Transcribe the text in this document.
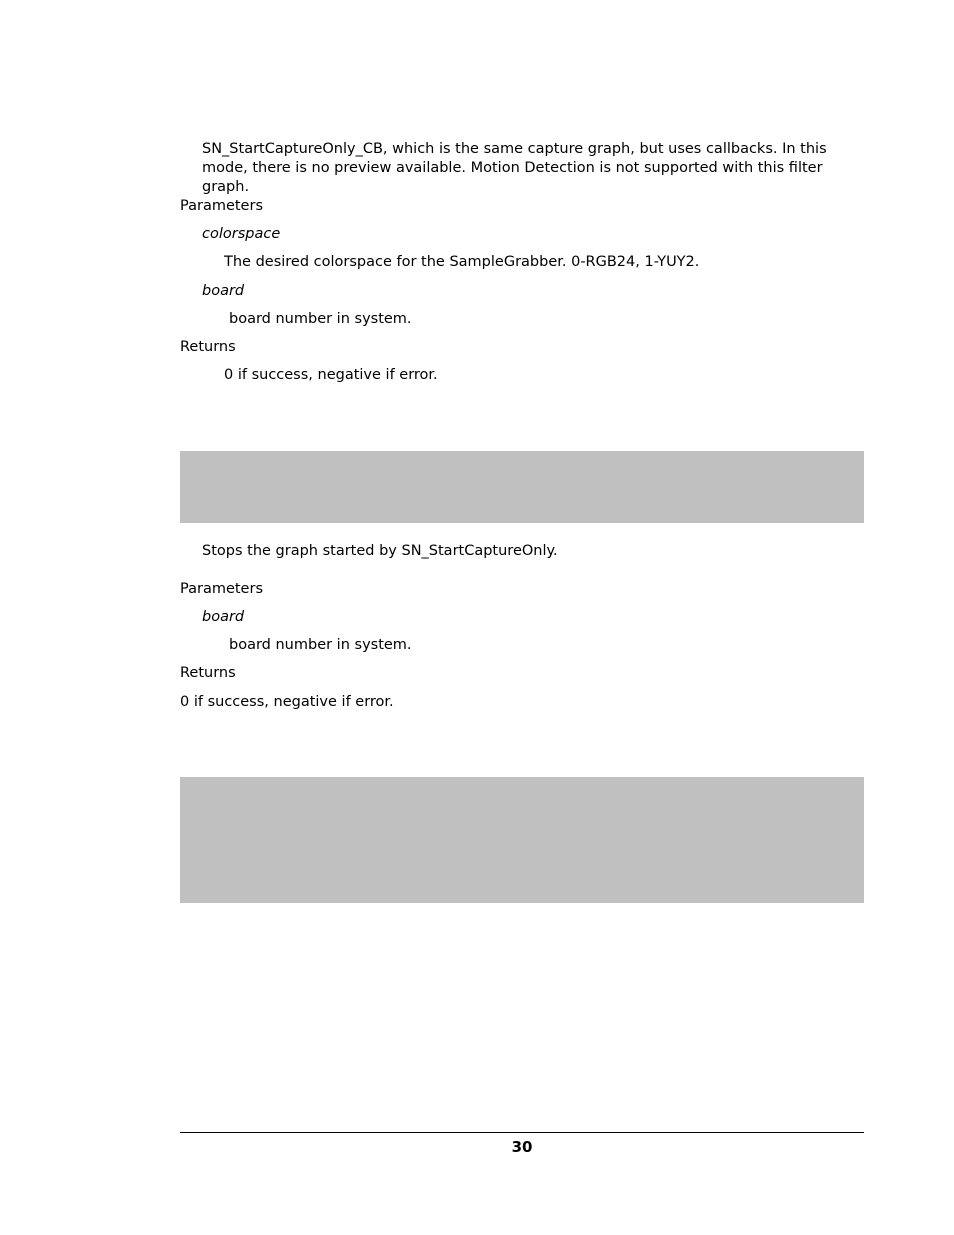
SN_StartCaptureOnly_CB, which is the same capture graph, but uses callbacks. In this mode, there is no preview available. Motion Detection is not supported with this filter graph.
Parameters
colorspace
The desired colorspace for the SampleGrabber. 0-RGB24, 1-YUY2.
board
board number in system.
Returns
0 if success, negative if error.
Stops the graph started by SN_StartCaptureOnly.
Parameters
board
board number in system.
Returns
0 if success, negative if error.
30
